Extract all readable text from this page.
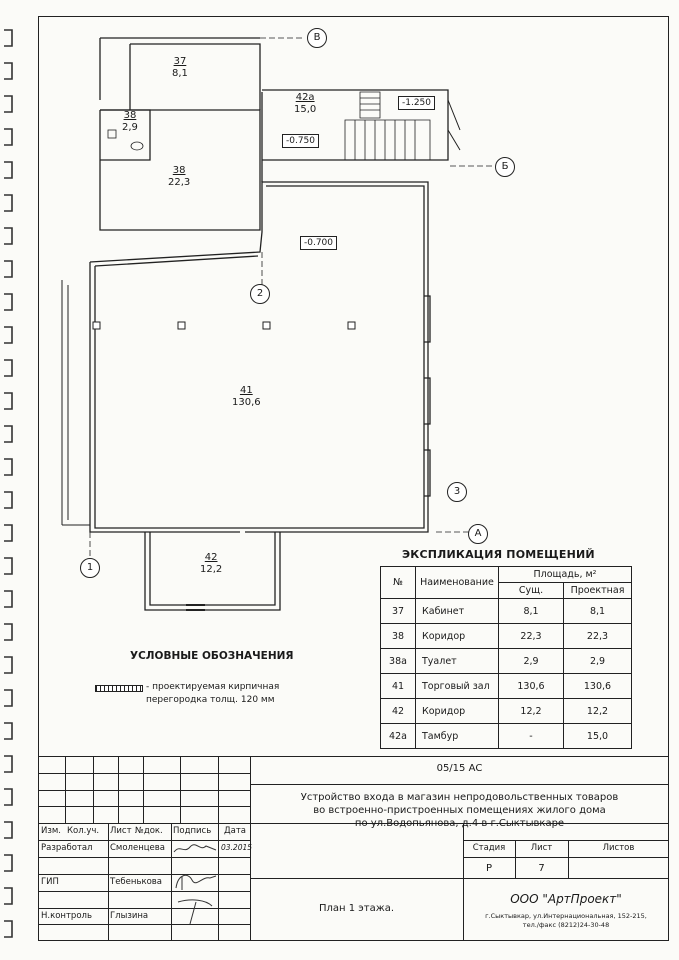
В
Б
2
3
А
1
37
8,1
38
2,9
38
22,3
42a
15,0
41
130,6
42
12,2
-1.250
-0.750
-0.700
ЭКСПЛИКАЦИЯ ПОМЕЩЕНИЙ
№	Наименование	Площадь, м²	
		Сущ.	Проектная
37	Кабинет	8,1	8,1
38	Коридор	22,3	22,3
38a	Туалет	2,9	2,9
41	Торговый зал	130,6	130,6
42	Коридор	12,2	12,2
42a	Тамбур	-	15,0
УСЛОВНЫЕ ОБОЗНАЧЕНИЯ
- проектируемая кирпичная
перегородка толщ. 120 мм
05/15 АС
Устройство входа в магазин непродовольственных товаров
во встроенно-пристроенных помещениях жилого дома
по ул.Водопьянова, д.4 в г.Сыктывкаре
Изм. Кол.уч. Лист №док. Подпись Дата
Разработал Смоленцева	03.2015
ГИП	Тебенькова
Н.контроль Глызина
Стадия	Лист	Листов
Р	7
План 1 этажа.
ООО "АртПроект"
г.Сыктывкар, ул.Интернациональная, 152-215,
тел./факс (8212)24-30-48
